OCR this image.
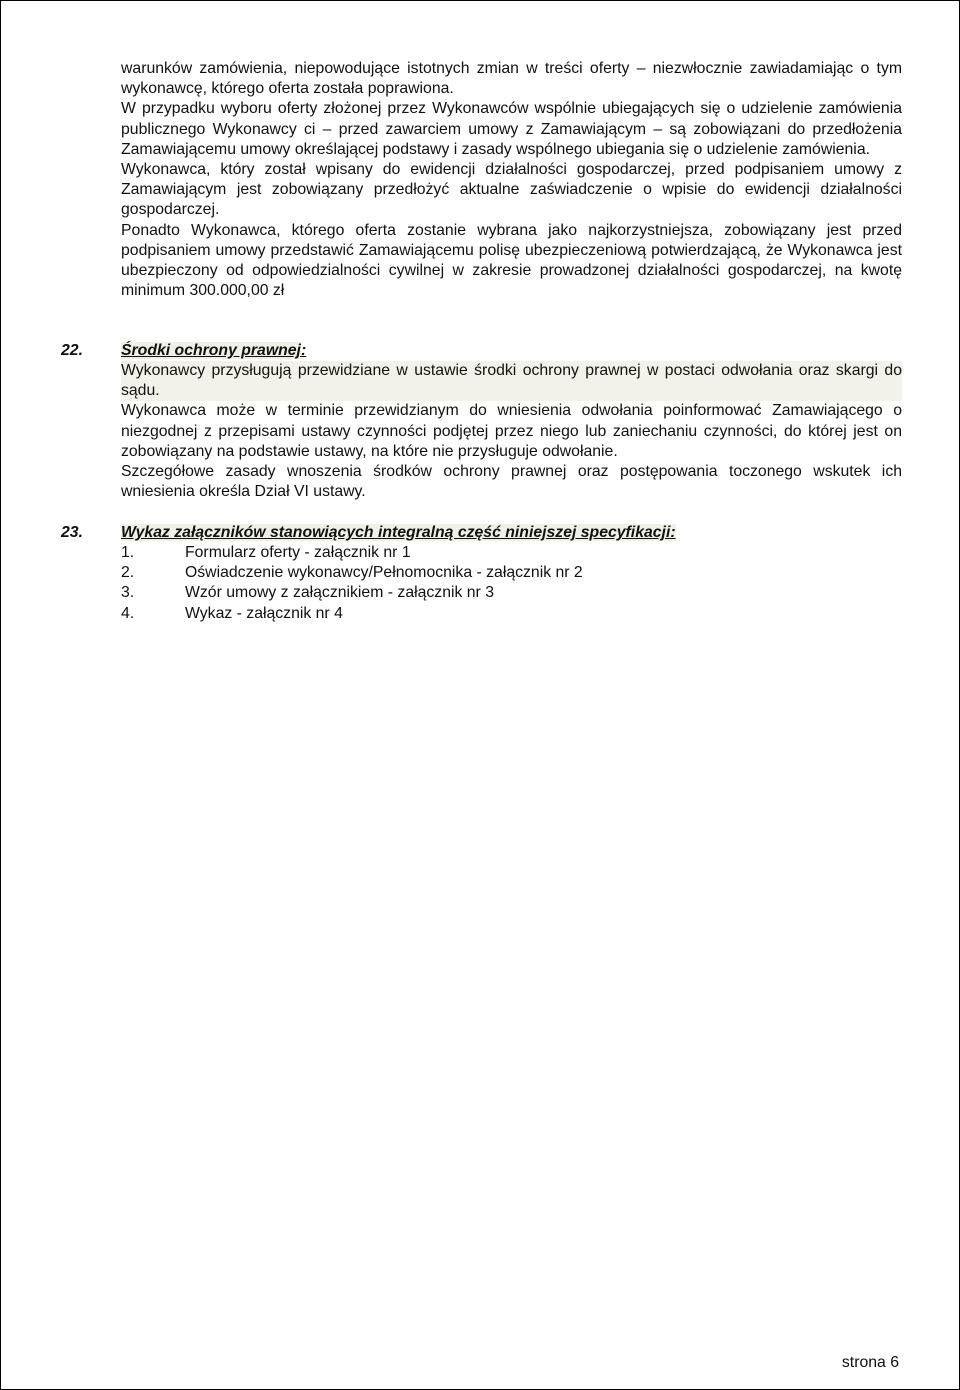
warunków zamówienia, niepowodujące istotnych zmian w treści oferty – niezwłocznie zawiadamiając o tym wykonawcę, którego oferta została poprawiona.

W przypadku wyboru oferty złożonej przez Wykonawców wspólnie ubiegających się o udzielenie zamówienia publicznego Wykonawcy ci – przed zawarciem umowy z Zamawiającym – są zobowiązani do przedłożenia Zamawiającemu umowy określającej podstawy i zasady wspólnego ubiegania się o udzielenie zamówienia.

Wykonawca, który został wpisany do ewidencji działalności gospodarczej, przed podpisaniem umowy z Zamawiającym jest zobowiązany przedłożyć aktualne zaświadczenie o wpisie do ewidencji działalności gospodarczej.

Ponadto Wykonawca, którego oferta zostanie wybrana jako najkorzystniejsza, zobowiązany jest przed podpisaniem umowy przedstawić Zamawiającemu polisę ubezpieczeniową potwierdzającą, że Wykonawca jest ubezpieczony od odpowiedzialności cywilnej w zakresie prowadzonej działalności gospodarczej, na kwotę minimum 300.000,00 zł

22. Środki ochrony prawnej:

Wykonawcy przysługują przewidziane w ustawie środki ochrony prawnej w postaci odwołania oraz skargi do sądu.

Wykonawca może w terminie przewidzianym do wniesienia odwołania poinformować Zamawiającego o niezgodnej z przepisami ustawy czynności podjętej przez niego lub zaniechaniu czynności, do której jest on zobowiązany na podstawie ustawy, na które nie przysługuje odwołanie.

Szczegółowe zasady wnoszenia środków ochrony prawnej oraz postępowania toczonego wskutek ich wniesienia określa Dział VI ustawy.

23. Wykaz załączników stanowiących integralną część niniejszej specyfikacji:
1.	Formularz oferty - załącznik nr 1
2.	Oświadczenie wykonawcy/Pełnomocnika - załącznik nr 2
3.	Wzór umowy z załącznikiem - załącznik nr 3
4.	Wykaz - załącznik nr 4
strona 6
